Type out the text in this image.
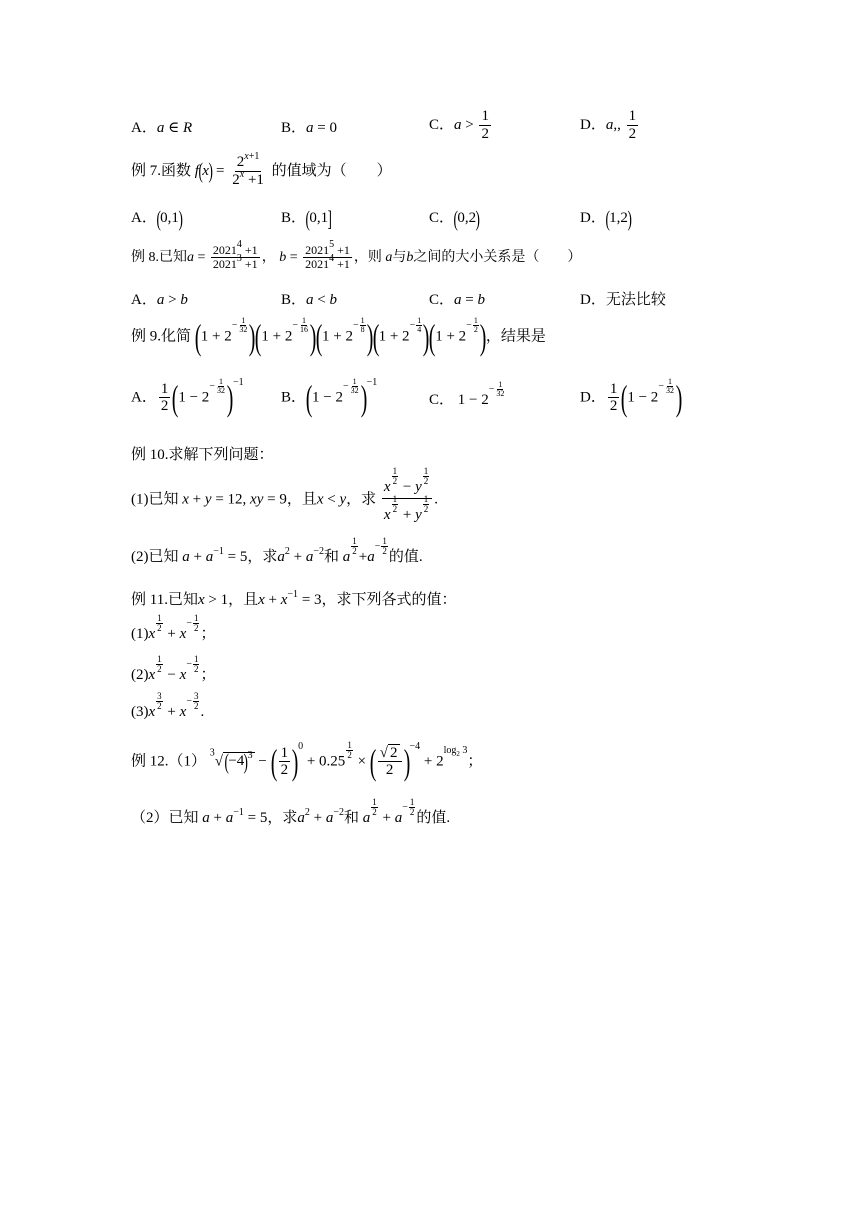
A．a ∈ R	B．a = 0	C．$a > \frac{1}{2}$	D．a,, $\frac{1}{2}$
例 7.函数 $f(x) = \frac{2^{x+1}}{2^x +1}$ 的值域为（　　）
A．(0,1)	B．(0,1]	C．(0,2)	D．(1,2)
例 8.已知$a = \frac{2021^4 +1}{2021^3 +1}$ ， $b = \frac{2021^5 +1}{2021^4 +1}$ ，则 a与b之间的大小关系是（　　）
A．a > b	B．a < b	C．a = b	D．无法比较
例 9.化简 ($1 + 2^{- \frac{1}{32}}$ )($1 + 2^{- \frac{1}{16}}$ )($1 + 2^{- \frac{1}{8}}$ )($1 + 2^{- \frac{1}{4}}$ )($1 + 2^{- \frac{1}{2}}$ )，结果是
A． $\frac{1}{2} (1 - 2^{- \frac{1}{32}}$ )$^{-1}$
B．($1 - 2^{- \frac{1}{32}}$ )$^{-1}$
C． $1 - 2^{- \frac{1}{32}}$	D． $\frac{1}{2} (1 - 2^{- \frac{1}{32}}$ )
例 10.求解下列问题：
(1)已知 x + y = 12, xy = 9，且x < y，求 x
$^{\frac{1}{2}}$
− y
$^{\frac{1}{2}}$
x
$^{\frac{1}{2}}$
+ y
$^{\frac{1}{2}}$ .
(2)已知 $a + a^{-1} = 5$，求$a^2 + a^{-2}$和 a
$^{\frac{1}{2}}$
$+a^{- \frac{1}{2}}$
的值.
例 11.已知x > 1，且$x + x^{-1} = 3$，求下列各式的值：
(1)x
$^{\frac{1}{2}}$
+ $x^{- \frac{1}{2}}$
；
(2)x
$^{\frac{1}{2}}$
− $x^{- \frac{1}{2}}$
；
(3)x
$^{\frac{3}{2}}$
+ $x^{- \frac{3}{2}}$
.
例 12.（1） $^3√(-4)^3$ − ( $\frac{1}{2} )^0 + 0.25$
$^{\frac{1}{2}}$
× ( $\frac{√ 2}{2} )^{-4} + 2^{log_2 3}$；
（2）已知 $a + a^{-1} = 5$，求$a^2 + a^{-2}$和 a
$^{\frac{1}{2}}$
+ $a^{- \frac{1}{2}}$
的值.
